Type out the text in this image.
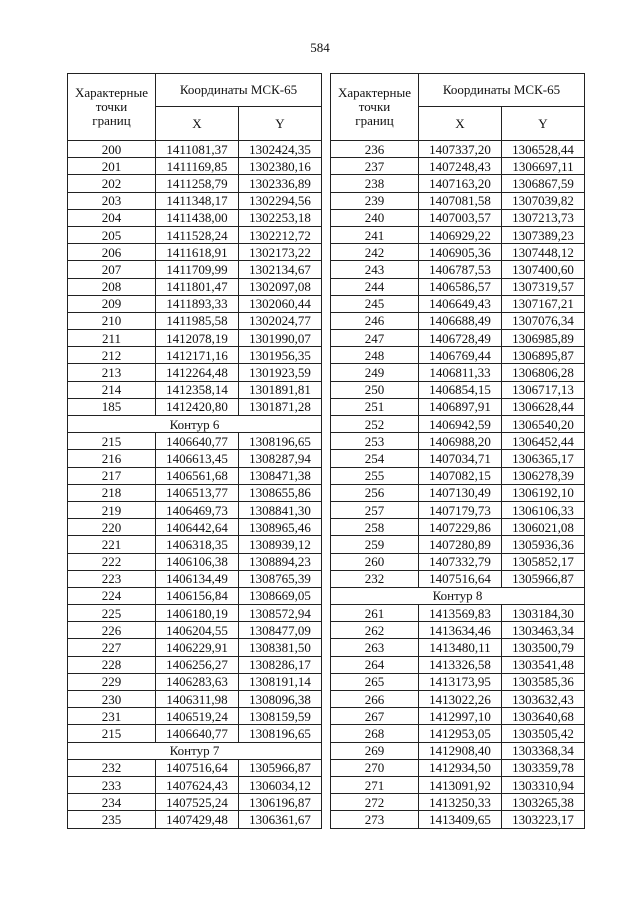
584
Характерные
точки
границ	Координаты МСК-65	
	X	Y
200	1411081,37	1302424,35
201	1411169,85	1302380,16
202	1411258,79	1302336,89
203	1411348,17	1302294,56
204	1411438,00	1302253,18
205	1411528,24	1302212,72
206	1411618,91	1302173,22
207	1411709,99	1302134,67
208	1411801,47	1302097,08
209	1411893,33	1302060,44
210	1411985,58	1302024,77
211	1412078,19	1301990,07
212	1412171,16	1301956,35
213	1412264,48	1301923,59
214	1412358,14	1301891,81
185	1412420,80	1301871,28
Контур 6		
215	1406640,77	1308196,65
216	1406613,45	1308287,94
217	1406561,68	1308471,38
218	1406513,77	1308655,86
219	1406469,73	1308841,30
220	1406442,64	1308965,46
221	1406318,35	1308939,12
222	1406106,38	1308894,23
223	1406134,49	1308765,39
224	1406156,84	1308669,05
225	1406180,19	1308572,94
226	1406204,55	1308477,09
227	1406229,91	1308381,50
228	1406256,27	1308286,17
229	1406283,63	1308191,14
230	1406311,98	1308096,38
231	1406519,24	1308159,59
215	1406640,77	1308196,65
Контур 7		
232	1407516,64	1305966,87
233	1407624,43	1306034,12
234	1407525,24	1306196,87
235	1407429,48	1306361,67
Характерные
точки
границ	Координаты МСК-65	
	X	Y
236	1407337,20	1306528,44
237	1407248,43	1306697,11
238	1407163,20	1306867,59
239	1407081,58	1307039,82
240	1407003,57	1307213,73
241	1406929,22	1307389,23
242	1406905,36	1307448,12
243	1406787,53	1307400,60
244	1406586,57	1307319,57
245	1406649,43	1307167,21
246	1406688,49	1307076,34
247	1406728,49	1306985,89
248	1406769,44	1306895,87
249	1406811,33	1306806,28
250	1406854,15	1306717,13
251	1406897,91	1306628,44
252	1406942,59	1306540,20
253	1406988,20	1306452,44
254	1407034,71	1306365,17
255	1407082,15	1306278,39
256	1407130,49	1306192,10
257	1407179,73	1306106,33
258	1407229,86	1306021,08
259	1407280,89	1305936,36
260	1407332,79	1305852,17
232	1407516,64	1305966,87
Контур 8		
261	1413569,83	1303184,30
262	1413634,46	1303463,34
263	1413480,11	1303500,79
264	1413326,58	1303541,48
265	1413173,95	1303585,36
266	1413022,26	1303632,43
267	1412997,10	1303640,68
268	1412953,05	1303505,42
269	1412908,40	1303368,34
270	1412934,50	1303359,78
271	1413091,92	1303310,94
272	1413250,33	1303265,38
273	1413409,65	1303223,17
